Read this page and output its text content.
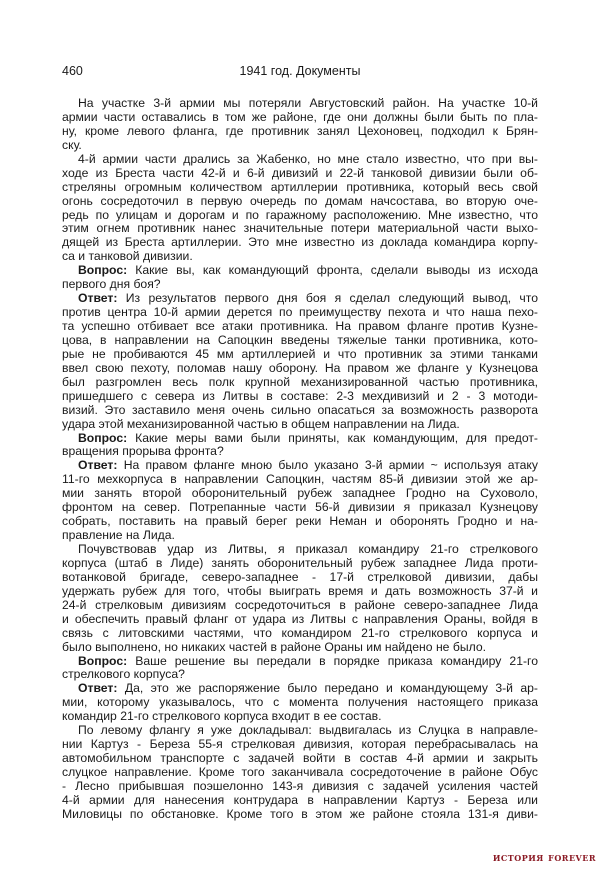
460	1941 год. Документы
На участке 3-й армии мы потеряли Августовский район. На участке 10-й
армии части оставались в том же районе, где они должны были быть по пла-
ну, кроме левого фланга, где противник занял Цехоновец, подходил к Брян-
ску.
4-й армии части дрались за Жабенко, но мне стало известно, что при вы-
ходе из Бреста части 42-й и 6-й дивизий и 22-й танковой дивизии были об-
стреляны огромным количеством артиллерии противника, который весь свой
огонь сосредоточил в первую очередь по домам начсостава, во вторую оче-
редь по улицам и дорогам и по гаражному расположению. Мне известно, что
этим огнем противник нанес значительные потери материальной части выхо-
дящей из Бреста артиллерии. Это мне известно из доклада командира корпу-
са и танковой дивизии.
Вопрос: Какие вы, как командующий фронта, сделали выводы из исхода
первого дня боя?
Ответ: Из результатов первого дня боя я сделал следующий вывод, что
против центра 10-й армии дерется по преимуществу пехота и что наша пехо-
та успешно отбивает все атаки противника. На правом фланге против Кузне-
цова, в направлении на Сапоцкин введены тяжелые танки противника, кото-
рые не пробиваются 45 мм артиллерией и что противник за этими танками
ввел свою пехоту, поломав нашу оборону. На правом же фланге у Кузнецова
был разгромлен весь полк крупной механизированной частью противника,
пришедшего с севера из Литвы в составе: 2-3 мехдивизий и 2 - 3 мотоди-
визий. Это заставило меня очень сильно опасаться за возможность разворота
удара этой механизированной частью в общем направлении на Лида.
Вопрос: Какие меры вами были приняты, как командующим, для предот-
вращения прорыва фронта?
Ответ: На правом фланге мною было указано 3-й армии ~ используя атаку
11-го мехкорпуса в направлении Сапоцкин, частям 85-й дивизии этой же ар-
мии занять второй оборонительный рубеж западнее Гродно на Суховоло,
фронтом на север. Потрепанные части 56-й дивизии я приказал Кузнецову
собрать, поставить на правый берег реки Неман и оборонять Гродно и на-
правление на Лида.
Почувствовав удар из Литвы, я приказал командиру 21-го стрелкового
корпуса (штаб в Лиде) занять оборонительный рубеж западнее Лида проти-
вотанковой бригаде, северо-западнее - 17-й стрелковой дивизии, дабы
удержать рубеж для того, чтобы выиграть время и дать возможность 37-й и
24-й стрелковым дивизиям сосредоточиться в районе северо-западнее Лида
и обеспечить правый фланг от удара из Литвы с направления Ораны, войдя в
связь с литовскими частями, что командиром 21-го стрелкового корпуса и
было выполнено, но никаких частей в районе Ораны им найдено не было.
Вопрос: Ваше решение вы передали в порядке приказа командиру 21-го
стрелкового корпуса?
Ответ: Да, это же распоряжение было передано и командующему 3-й ар-
мии, которому указывалось, что с момента получения настоящего приказа
командир 21-го стрелкового корпуса входит в ее состав.
По левому флангу я уже докладывал: выдвигалась из Слуцка в направле-
нии Картуз - Береза 55-я стрелковая дивизия, которая перебрасывалась на
автомобильном транспорте с задачей войти в состав 4-й армии и закрыть
слуцкое направление. Кроме того заканчивала сосредоточение в районе Обус
- Лесно прибывшая поэшелонно 143-я дивизия с задачей усиления частей
4-й армии для нанесения контрудара в направлении Картуз - Береза или
Миловицы по обстановке. Кроме того в этом же районе стояла 131-я диви-
история forever
